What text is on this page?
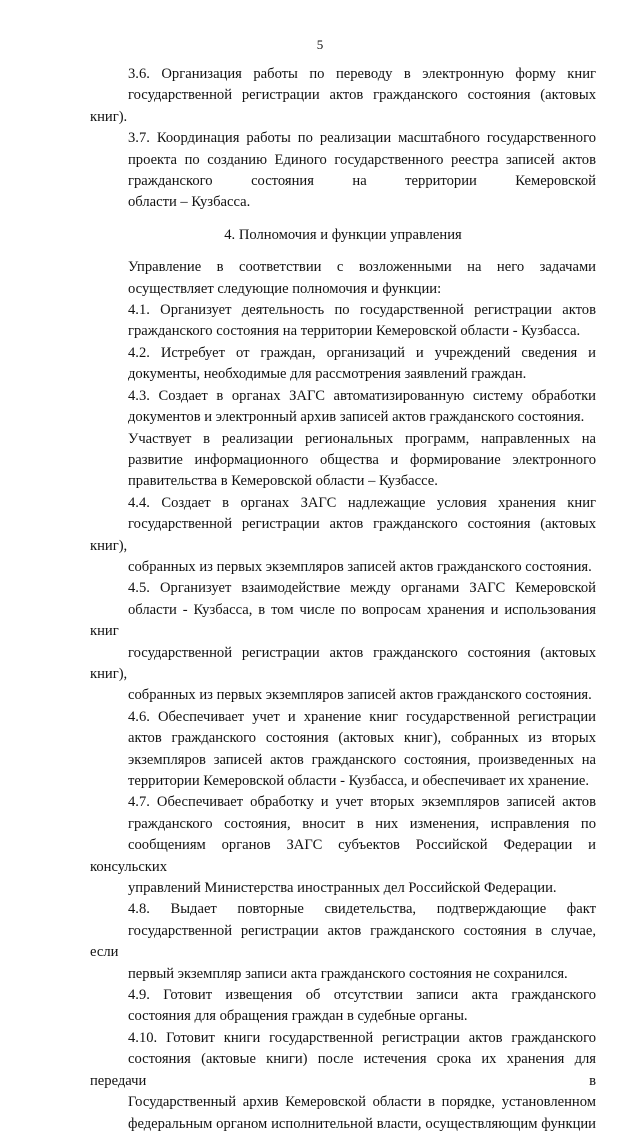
5

3.6. Организация работы по переводу в электронную форму книг
государственной регистрации актов гражданского состояния (актовых книг).

3.7. Координация работы по реализации масштабного государственного
проекта по созданию Единого государственного реестра записей актов
гражданского состояния на территории Кемеровской
области – Кузбасса.

4. Полномочия и функции управления

Управление в соответствии с возложенными на него задачами
осуществляет следующие полномочия и функции:

4.1. Организует деятельность по государственной регистрации актов
гражданского состояния на территории Кемеровской области - Кузбасса.

4.2. Истребует от граждан, организаций и учреждений сведения и
документы, необходимые для рассмотрения заявлений граждан.

4.3. Создает в органах ЗАГС автоматизированную систему обработки
документов и электронный архив записей актов гражданского состояния.

Участвует в реализации региональных программ, направленных на
развитие информационного общества и формирование электронного
правительства в Кемеровской области – Кузбассе.

4.4. Создает в органах ЗАГС надлежащие условия хранения книг
государственной регистрации актов гражданского состояния (актовых книг),
собранных из первых экземпляров записей актов гражданского состояния.

4.5. Организует взаимодействие между органами ЗАГС Кемеровской
области - Кузбасса, в том числе по вопросам хранения и использования книг
государственной регистрации актов гражданского состояния (актовых книг),
собранных из первых экземпляров записей актов гражданского состояния.

4.6. Обеспечивает учет и хранение книг государственной регистрации
актов гражданского состояния (актовых книг), собранных из вторых
экземпляров записей актов гражданского состояния, произведенных на
территории Кемеровской области - Кузбасса, и обеспечивает их хранение.

4.7. Обеспечивает обработку и учет вторых экземпляров записей актов
гражданского состояния, вносит в них изменения, исправления по
сообщениям органов ЗАГС субъектов Российской Федерации и консульских
управлений Министерства иностранных дел Российской Федерации.

4.8. Выдает повторные свидетельства, подтверждающие факт
государственной регистрации актов гражданского состояния в случае, если
первый экземпляр записи акта гражданского состояния не сохранился.

4.9. Готовит извещения об отсутствии записи акта гражданского
состояния для обращения граждан в судебные органы.

4.10. Готовит книги государственной регистрации актов гражданского
состояния (актовые книги) после истечения срока их хранения для передачи в
Государственный архив Кемеровской области в порядке, установленном
федеральным органом исполнительной власти, осуществляющим функции
